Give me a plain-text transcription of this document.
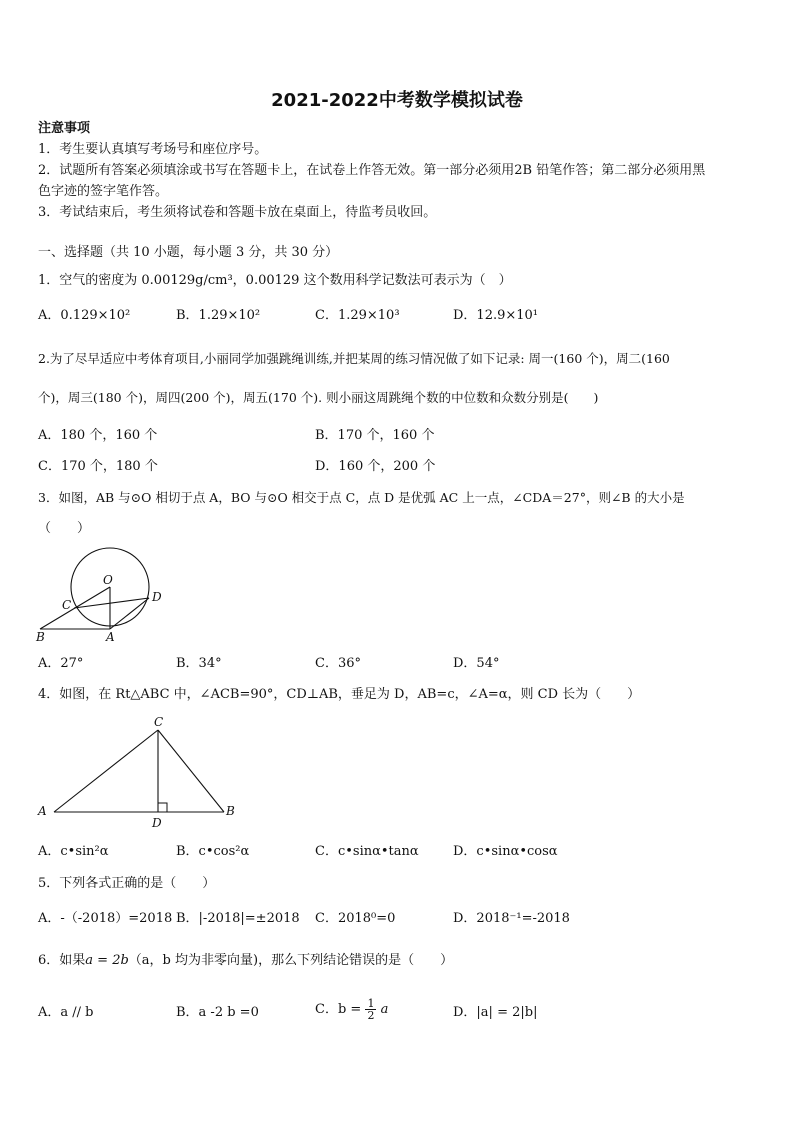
2021-2022中考数学模拟试卷
注意事项
1．考生要认真填写考场号和座位序号。
2．试题所有答案必须填涂或书写在答题卡上，在试卷上作答无效。第一部分必须用2B 铅笔作答；第二部分必须用黑
色字迹的签字笔作答。
3．考试结束后，考生须将试卷和答题卡放在桌面上，待监考员收回。
一、选择题（共 10 小题，每小题 3 分，共 30 分）
1．空气的密度为 0.00129g/cm³，0.00129 这个数用科学记数法可表示为（　）
A．0.129×10²	B．1.29×10²	C．1.29×10³	D．12.9×10¹
2.为了尽早适应中考体育项目,小丽同学加强跳绳训练,并把某周的练习情况做了如下记录: 周一(160 个)，周二(160
个)，周三(180 个)，周四(200 个)，周五(170 个). 则小丽这周跳绳个数的中位数和众数分别是(　　)
A．180 个，160 个	B．170 个，160 个
C．170 个，180 个	D．160 个，200 个
3．如图，AB 与⊙O 相切于点 A，BO 与⊙O 相交于点 C，点 D 是优弧 AC 上一点，∠CDA＝27°，则∠B 的大小是
（　　）
O
C
D
B	A
A．27°	B．34°	C．36°	D．54°
4．如图，在 Rt△ABC 中，∠ACB=90°，CD⊥AB，垂足为 D，AB=c，∠A=α，则 CD 长为（　　）
C
A
D
B
A．c•sin²α	B．c•cos²α	C．c•sinα•tanα	D．c•sinα•cosα
5．下列各式正确的是（　　）
A．-（-2018）=2018 B．|-2018|=±2018 C．2018⁰=0	D．2018⁻¹=-2018
6．如果a = 2b（a，b 均为非零向量)，那么下列结论错误的是（　　）
A．a // b	B．a -2 b =0	C．$b = \frac{1}{2}$ a	D．|a| = 2|b|
